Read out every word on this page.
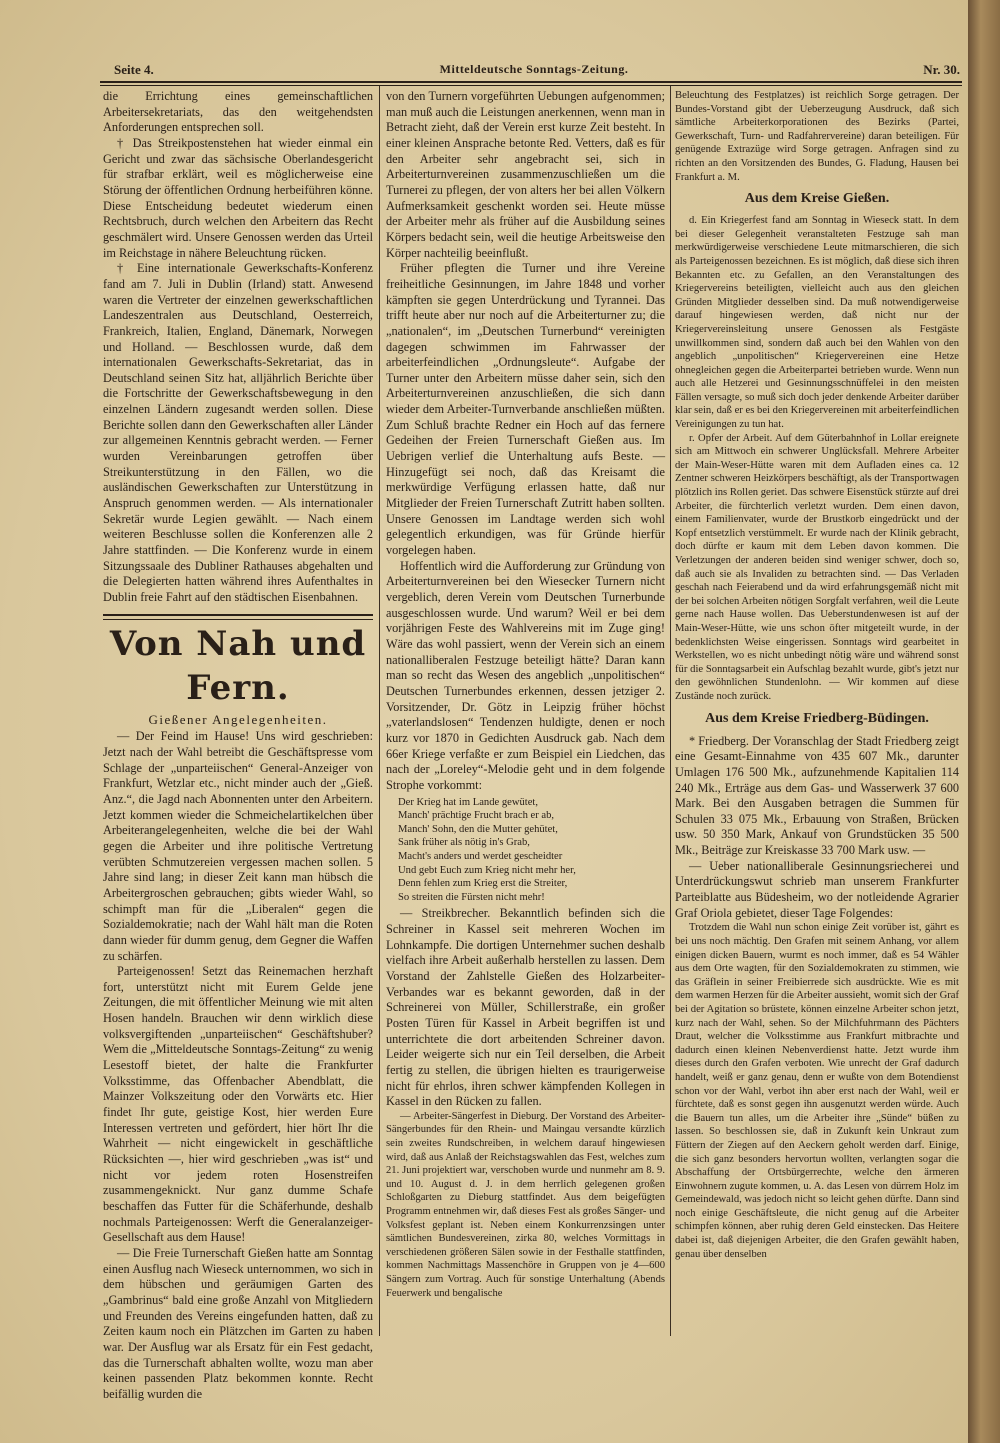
Seite 4.	Mitteldeutsche Sonntags-Zeitung.	Nr. 30.

die Errichtung eines gemeinschaftlichen Arbeitersekretariats, das den weitgehendsten Anforderungen entsprechen soll.

† Das Streikpostenstehen hat wieder einmal ein Gericht und zwar das sächsische Oberlandesgericht für strafbar erklärt, weil es möglicherweise eine Störung der öffentlichen Ordnung herbeiführen könne. Diese Entscheidung bedeutet wiederum einen Rechtsbruch, durch welchen den Arbeitern das Recht geschmälert wird. Unsere Genossen werden das Urteil im Reichstage in nähere Beleuchtung rücken.

† Eine internationale Gewerkschafts-Konferenz fand am 7. Juli in Dublin (Irland) statt. Anwesend waren die Vertreter der einzelnen gewerkschaftlichen Landeszentralen aus Deutschland, Oesterreich, Frankreich, Italien, England, Dänemark, Norwegen und Holland. — Beschlossen wurde, daß dem internationalen Gewerkschafts-Sekretariat, das in Deutschland seinen Sitz hat, alljährlich Berichte über die Fortschritte der Gewerkschaftsbewegung in den einzelnen Ländern zugesandt werden sollen. Diese Berichte sollen dann den Gewerkschaften aller Länder zur allgemeinen Kenntnis gebracht werden. — Ferner wurden Vereinbarungen getroffen über Streikunterstützung in den Fällen, wo die ausländischen Gewerkschaften zur Unterstützung in Anspruch genommen werden. — Als internationaler Sekretär wurde Legien gewählt. — Nach einem weiteren Beschlusse sollen die Konferenzen alle 2 Jahre stattfinden. — Die Konferenz wurde in einem Sitzungssaale des Dubliner Rathauses abgehalten und die Delegierten hatten während ihres Aufenthaltes in Dublin freie Fahrt auf den städtischen Eisenbahnen.

Von Nah und Fern.

Gießener Angelegenheiten.

— Der Feind im Hause! Uns wird geschrieben: Jetzt nach der Wahl betreibt die Geschäftspresse vom Schlage der „unparteiischen“ General-Anzeiger von Frankfurt, Wetzlar etc., nicht minder auch der „Gieß. Anz.“, die Jagd nach Abonnenten unter den Arbeitern. Jetzt kommen wieder die Schmeichelartikelchen über Arbeiterangelegenheiten, welche die bei der Wahl gegen die Arbeiter und ihre politische Vertretung verübten Schmutzereien vergessen machen sollen. 5 Jahre sind lang; in dieser Zeit kann man hübsch die Arbeitergroschen gebrauchen; gibts wieder Wahl, so schimpft man für die „Liberalen“ gegen die Sozialdemokratie; nach der Wahl hält man die Roten dann wieder für dumm genug, dem Gegner die Waffen zu schärfen.

Parteigenossen! Setzt das Reinemachen herzhaft fort, unterstützt nicht mit Eurem Gelde jene Zeitungen, die mit öffentlicher Meinung wie mit alten Hosen handeln. Brauchen wir denn wirklich diese volksvergiftenden „unparteiischen“ Geschäftshuber? Wem die „Mitteldeutsche Sonntags-Zeitung“ zu wenig Lesestoff bietet, der halte die Frankfurter Volksstimme, das Offenbacher Abendblatt, die Mainzer Volkszeitung oder den Vorwärts etc. Hier findet Ihr gute, geistige Kost, hier werden Eure Interessen vertreten und gefördert, hier hört Ihr die Wahrheit — nicht eingewickelt in geschäftliche Rücksichten —, hier wird geschrieben „was ist“ und nicht vor jedem roten Hosenstreifen zusammengeknickt. Nur ganz dumme Schafe beschaffen das Futter für die Schäferhunde, deshalb nochmals Parteigenossen: Werft die Generalanzeiger-Gesellschaft aus dem Hause!

— Die Freie Turnerschaft Gießen hatte am Sonntag einen Ausflug nach Wieseck unternommen, wo sich in dem hübschen und geräumigen Garten des „Gambrinus“ bald eine große Anzahl von Mitgliedern und Freunden des Vereins eingefunden hatten, daß zu Zeiten kaum noch ein Plätzchen im Garten zu haben war. Der Ausflug war als Ersatz für ein Fest gedacht, das die Turnerschaft abhalten wollte, wozu man aber keinen passenden Platz bekommen konnte. Recht beifällig wurden die

von den Turnern vorgeführten Uebungen aufgenommen; man muß auch die Leistungen anerkennen, wenn man in Betracht zieht, daß der Verein erst kurze Zeit besteht. In einer kleinen Ansprache betonte Red. Vetters, daß es für den Arbeiter sehr angebracht sei, sich in Arbeiterturnvereinen zusammenzuschließen um die Turnerei zu pflegen, der von alters her bei allen Völkern Aufmerksamkeit geschenkt worden sei. Heute müsse der Arbeiter mehr als früher auf die Ausbildung seines Körpers bedacht sein, weil die heutige Arbeitsweise den Körper nachteilig beeinflußt.

Früher pflegten die Turner und ihre Vereine freiheitliche Gesinnungen, im Jahre 1848 und vorher kämpften sie gegen Unterdrückung und Tyrannei. Das trifft heute aber nur noch auf die Arbeiterturner zu; die „nationalen“, im „Deutschen Turnerbund“ vereinigten dagegen schwimmen im Fahrwasser der arbeiterfeindlichen „Ordnungsleute“. Aufgabe der Turner unter den Arbeitern müsse daher sein, sich den Arbeiterturnvereinen anzuschließen, die sich dann wieder dem Arbeiter-Turnverbande anschließen müßten. Zum Schluß brachte Redner ein Hoch auf das fernere Gedeihen der Freien Turnerschaft Gießen aus. Im Uebrigen verlief die Unterhaltung aufs Beste. — Hinzugefügt sei noch, daß das Kreisamt die merkwürdige Verfügung erlassen hatte, daß nur Mitglieder der Freien Turnerschaft Zutritt haben sollten. Unsere Genossen im Landtage werden sich wohl gelegentlich erkundigen, was für Gründe hierfür vorgelegen haben.

Hoffentlich wird die Aufforderung zur Gründung von Arbeiterturnvereinen bei den Wiesecker Turnern nicht vergeblich, deren Verein vom Deutschen Turnerbunde ausgeschlossen wurde. Und warum? Weil er bei dem vorjährigen Feste des Wahlvereins mit im Zuge ging! Wäre das wohl passiert, wenn der Verein sich an einem nationalliberalen Festzuge beteiligt hätte? Daran kann man so recht das Wesen des angeblich „unpolitischen“ Deutschen Turnerbundes erkennen, dessen jetziger 2. Vorsitzender, Dr. Götz in Leipzig früher höchst „vaterlandslosen“ Tendenzen huldigte, denen er noch kurz vor 1870 in Gedichten Ausdruck gab. Nach dem 66er Kriege verfaßte er zum Beispiel ein Liedchen, das nach der „Loreley“-Melodie geht und in dem folgende Strophe vorkommt:

Der Krieg hat im Lande gewütet,
Manch' prächtige Frucht brach er ab,
Manch' Sohn, den die Mutter gehütet,
Sank früher als nötig in's Grab,
Macht's anders und werdet gescheidter
Und gebt Euch zum Krieg nicht mehr her,
Denn fehlen zum Krieg erst die Streiter,
So streiten die Fürsten nicht mehr!

— Streikbrecher. Bekanntlich befinden sich die Schreiner in Kassel seit mehreren Wochen im Lohnkampfe. Die dortigen Unternehmer suchen deshalb vielfach ihre Arbeit außerhalb herstellen zu lassen. Dem Vorstand der Zahlstelle Gießen des Holzarbeiter-Verbandes war es bekannt geworden, daß in der Schreinerei von Müller, Schillerstraße, ein großer Posten Türen für Kassel in Arbeit begriffen ist und unterrichtete die dort arbeitenden Schreiner davon. Leider weigerte sich nur ein Teil derselben, die Arbeit fertig zu stellen, die übrigen hielten es traurigerweise nicht für ehrlos, ihren schwer kämpfenden Kollegen in Kassel in den Rücken zu fallen.

— Arbeiter-Sängerfest in Dieburg. Der Vorstand des Arbeiter-Sängerbundes für den Rhein- und Maingau versandte kürzlich sein zweites Rundschreiben, in welchem darauf hingewiesen wird, daß aus Anlaß der Reichstagswahlen das Fest, welches zum 21. Juni projektiert war, verschoben wurde und nunmehr am 8. 9. und 10. August d. J. in dem herrlich gelegenen großen Schloßgarten zu Dieburg stattfindet. Aus dem beigefügten Programm entnehmen wir, daß dieses Fest als großes Sänger- und Volksfest geplant ist. Neben einem Konkurrenzsingen unter sämtlichen Bundesvereinen, zirka 80, welches Vormittags in verschiedenen größeren Sälen sowie in der Festhalle stattfinden, kommen Nachmittags Massenchöre in Gruppen von je 4—600 Sängern zum Vortrag. Auch für sonstige Unterhaltung (Abends Feuerwerk und bengalische

Beleuchtung des Festplatzes) ist reichlich Sorge getragen. Der Bundes-Vorstand gibt der Ueberzeugung Ausdruck, daß sich sämtliche Arbeiterkorporationen des Bezirks (Partei, Gewerkschaft, Turn- und Radfahrervereine) daran beteiligen. Für genügende Extrazüge wird Sorge getragen. Anfragen sind zu richten an den Vorsitzenden des Bundes, G. Fladung, Hausen bei Frankfurt a. M.

Aus dem Kreise Gießen.

d. Ein Kriegerfest fand am Sonntag in Wieseck statt. In dem bei dieser Gelegenheit veranstalteten Festzuge sah man merkwürdigerweise verschiedene Leute mitmarschieren, die sich als Parteigenossen bezeichnen. Es ist möglich, daß diese sich ihren Bekannten etc. zu Gefallen, an den Veranstaltungen des Kriegervereins beteiligten, vielleicht auch aus den gleichen Gründen Mitglieder desselben sind. Da muß notwendigerweise darauf hingewiesen werden, daß nicht nur der Kriegervereinsleitung unsere Genossen als Festgäste unwillkommen sind, sondern daß auch bei den Wahlen von den angeblich „unpolitischen“ Kriegervereinen eine Hetze ohnegleichen gegen die Arbeiterpartei betrieben wurde. Wenn nun auch alle Hetzerei und Gesinnungsschnüffelei in den meisten Fällen versagte, so muß sich doch jeder denkende Arbeiter darüber klar sein, daß er es bei den Kriegervereinen mit arbeiterfeindlichen Vereinigungen zu tun hat.

r. Opfer der Arbeit. Auf dem Güterbahnhof in Lollar ereignete sich am Mittwoch ein schwerer Unglücksfall. Mehrere Arbeiter der Main-Weser-Hütte waren mit dem Aufladen eines ca. 12 Zentner schweren Heizkörpers beschäftigt, als der Transportwagen plötzlich ins Rollen geriet. Das schwere Eisenstück stürzte auf drei Arbeiter, die fürchterlich verletzt wurden. Dem einen davon, einem Familienvater, wurde der Brustkorb eingedrückt und der Kopf entsetzlich verstümmelt. Er wurde nach der Klinik gebracht, doch dürfte er kaum mit dem Leben davon kommen. Die Verletzungen der anderen beiden sind weniger schwer, doch so, daß auch sie als Invaliden zu betrachten sind. — Das Verladen geschah nach Feierabend und da wird erfahrungsgemäß nicht mit der bei solchen Arbeiten nötigen Sorgfalt verfahren, weil die Leute gerne nach Hause wollen. Das Ueberstundenwesen ist auf der Main-Weser-Hütte, wie uns schon öfter mitgeteilt wurde, in der bedenklichsten Weise eingerissen. Sonntags wird gearbeitet in Werkstellen, wo es nicht unbedingt nötig wäre und während sonst für die Sonntagsarbeit ein Aufschlag bezahlt wurde, gibt's jetzt nur den gewöhnlichen Stundenlohn. — Wir kommen auf diese Zustände noch zurück.

Aus dem Kreise Friedberg-Büdingen.

* Friedberg. Der Voranschlag der Stadt Friedberg zeigt eine Gesamt-Einnahme von 435 607 Mk., darunter Umlagen 176 500 Mk., aufzunehmende Kapitalien 114 240 Mk., Erträge aus dem Gas- und Wasserwerk 37 600 Mark. Bei den Ausgaben betragen die Summen für Schulen 33 075 Mk., Erbauung von Straßen, Brücken usw. 50 350 Mark, Ankauf von Grundstücken 35 500 Mk., Beiträge zur Kreiskasse 33 700 Mark usw. —

— Ueber nationalliberale Gesinnungsriecherei und Unterdrückungswut schrieb man unserem Frankfurter Parteiblatte aus Büdesheim, wo der notleidende Agrarier Graf Oriola gebietet, dieser Tage Folgendes:

Trotzdem die Wahl nun schon einige Zeit vorüber ist, gährt es bei uns noch mächtig. Den Grafen mit seinem Anhang, vor allem einigen dicken Bauern, wurmt es noch immer, daß es 54 Wähler aus dem Orte wagten, für den Sozialdemokraten zu stimmen, wie das Gräflein in seiner Freibierrede sich ausdrückte. Wie es mit dem warmen Herzen für die Arbeiter aussieht, womit sich der Graf bei der Agitation so brüstete, können einzelne Arbeiter schon jetzt, kurz nach der Wahl, sehen. So der Milchfuhrmann des Pächters Draut, welcher die Volksstimme aus Frankfurt mitbrachte und dadurch einen kleinen Nebenverdienst hatte. Jetzt wurde ihm dieses durch den Grafen verboten. Wie unrecht der Graf dadurch handelt, weiß er ganz genau, denn er wußte von dem Botendienst schon vor der Wahl, verbot ihn aber erst nach der Wahl, weil er fürchtete, daß es sonst gegen ihn ausgenutzt werden würde. Auch die Bauern tun alles, um die Arbeiter ihre „Sünde“ büßen zu lassen. So beschlossen sie, daß in Zukunft kein Unkraut zum Füttern der Ziegen auf den Aeckern geholt werden darf. Einige, die sich ganz besonders hervortun wollten, verlangten sogar die Abschaffung der Ortsbürgerrechte, welche den ärmeren Einwohnern zugute kommen, u. A. das Lesen von dürrem Holz im Gemeindewald, was jedoch nicht so leicht gehen dürfte. Dann sind noch einige Geschäftsleute, die nicht genug auf die Arbeiter schimpfen können, aber ruhig deren Geld einstecken. Das Heitere dabei ist, daß diejenigen Arbeiter, die den Grafen gewählt haben, genau über denselben
